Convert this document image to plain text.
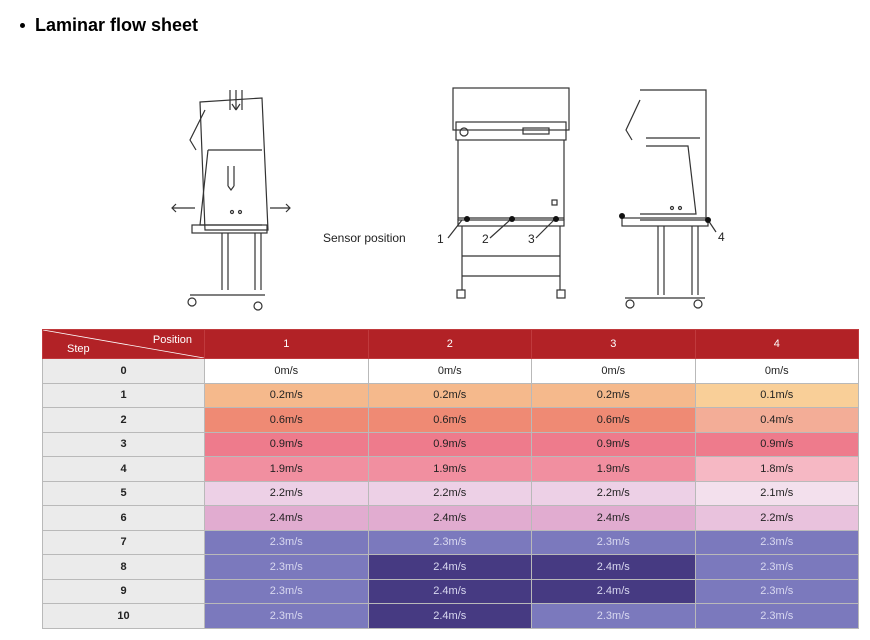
Laminar flow sheet
1	2	3	4
Sensor position
Position
Step	1	2	3	4
0	0m/s	0m/s	0m/s	0m/s
1	0.2m/s	0.2m/s	0.2m/s	0.1m/s
2	0.6m/s	0.6m/s	0.6m/s	0.4m/s
3	0.9m/s	0.9m/s	0.9m/s	0.9m/s
4	1.9m/s	1.9m/s	1.9m/s	1.8m/s
5	2.2m/s	2.2m/s	2.2m/s	2.1m/s
6	2.4m/s	2.4m/s	2.4m/s	2.2m/s
7	2.3m/s	2.3m/s	2.3m/s	2.3m/s
8	2.3m/s	2.4m/s	2.4m/s	2.3m/s
9	2.3m/s	2.4m/s	2.4m/s	2.3m/s
10	2.3m/s	2.4m/s	2.3m/s	2.3m/s
